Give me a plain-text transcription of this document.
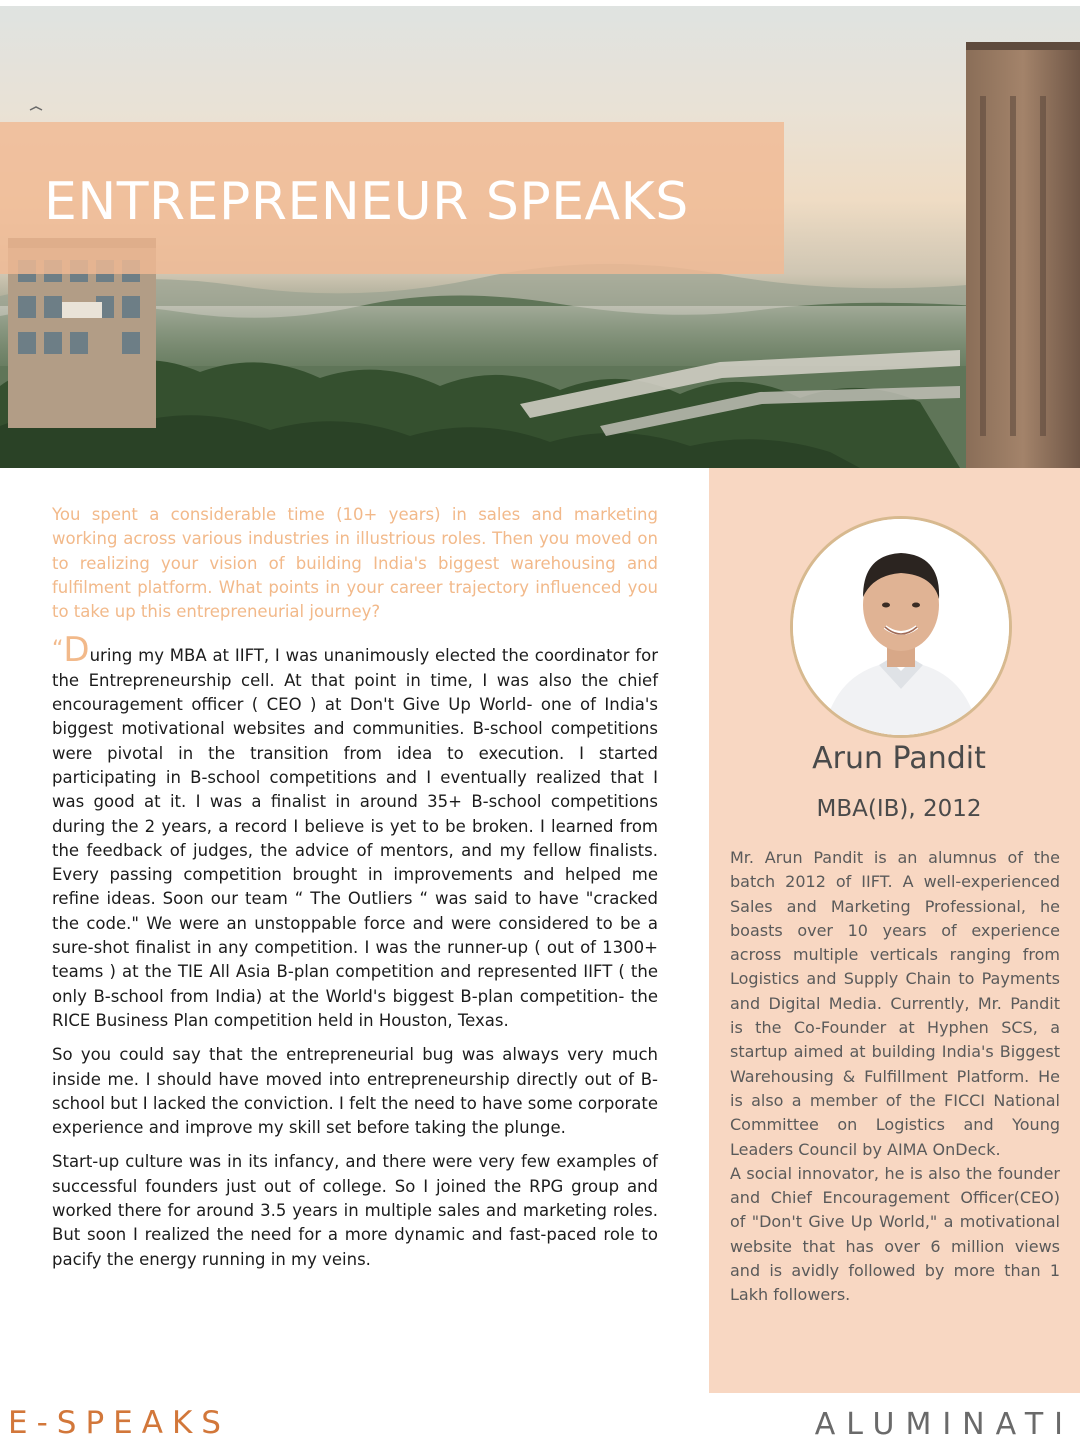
ENTREPRENEUR SPEAKS

You spent a considerable time (10+ years) in sales and marketing working across various industries in illustrious roles. Then you moved on to realizing your vision of building India's biggest warehousing and fulfilment platform. What points in your career trajectory influenced you to take up this entrepreneurial journey?

“During my MBA at IIFT, I was unanimously elected the coordinator for the Entrepreneurship cell. At that point in time, I was also the chief encouragement officer ( CEO ) at Don't Give Up World- one of India's biggest motivational websites and communities. B-school competitions were pivotal in the transition from idea to execution. I started participating in B-school competitions and I eventually realized that I was good at it. I was a finalist in around 35+ B-school competitions during the 2 years, a record I believe is yet to be broken. I learned from the feedback of judges, the advice of mentors, and my fellow finalists. Every passing competition brought in improvements and helped me refine ideas. Soon our team “ The Outliers “ was said to have "cracked the code." We were an unstoppable force and were considered to be a sure-shot finalist in any competition. I was the runner-up ( out of 1300+ teams ) at the TIE All Asia B-plan competition and represented IIFT ( the only B-school from India) at the World's biggest B-plan competition- the RICE Business Plan competition held in Houston, Texas.

So you could say that the entrepreneurial bug was always very much inside me. I should have moved into entrepreneurship directly out of B-school but I lacked the conviction. I felt the need to have some corporate experience and improve my skill set before taking the plunge.

Start-up culture was in its infancy, and there were very few examples of successful founders just out of college. So I joined the RPG group and worked there for around 3.5 years in multiple sales and marketing roles. But soon I realized the need for a more dynamic and fast-paced role to pacify the energy running in my veins.

Arun Pandit
MBA(IB), 2012

Mr. Arun Pandit is an alumnus of the batch 2012 of IIFT. A well-experienced Sales and Marketing Professional, he boasts over 10 years of experience across multiple verticals ranging from Logistics and Supply Chain to Payments and Digital Media. Currently, Mr. Pandit is the Co-Founder at Hyphen SCS, a startup aimed at building India's Biggest Warehousing & Fulfillment Platform. He is also a member of the FICCI National Committee on Logistics and Young Leaders Council by AIMA OnDeck.

A social innovator, he is also the founder and Chief Encouragement Officer(CEO) of "Don't Give Up World," a motivational website that has over 6 million views and is avidly followed by more than 1 Lakh followers.

E-SPEAKS	ALUMINATI
